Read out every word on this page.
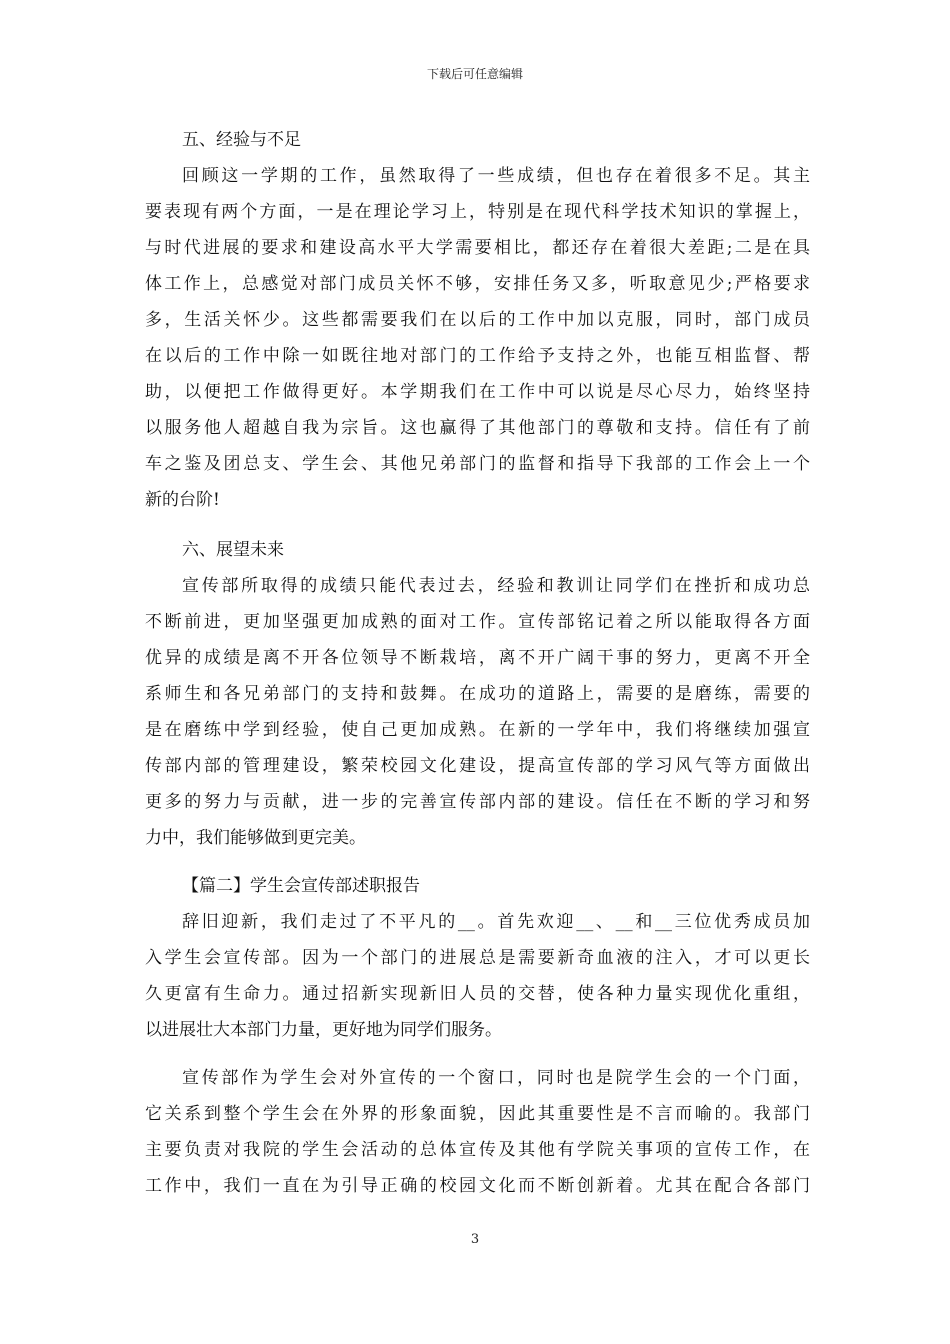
下载后可任意编辑
五、经验与不足
回顾这一学期的工作，虽然取得了一些成绩，但也存在着很多不足。其主
要表现有两个方面，一是在理论学习上，特别是在现代科学技术知识的掌握上，
与时代进展的要求和建设高水平大学需要相比，都还存在着很大差距;二是在具
体工作上，总感觉对部门成员关怀不够，安排任务又多，听取意见少;严格要求
多，生活关怀少。这些都需要我们在以后的工作中加以克服，同时，部门成员
在以后的工作中除一如既往地对部门的工作给予支持之外，也能互相监督、帮
助，以便把工作做得更好。本学期我们在工作中可以说是尽心尽力，始终坚持
以服务他人超越自我为宗旨。这也赢得了其他部门的尊敬和支持。信任有了前
车之鉴及团总支、学生会、其他兄弟部门的监督和指导下我部的工作会上一个
新的台阶!
六、展望未来
宣传部所取得的成绩只能代表过去，经验和教训让同学们在挫折和成功总
不断前进，更加坚强更加成熟的面对工作。宣传部铭记着之所以能取得各方面
优异的成绩是离不开各位领导不断栽培，离不开广阔干事的努力，更离不开全
系师生和各兄弟部门的支持和鼓舞。在成功的道路上，需要的是磨练，需要的
是在磨练中学到经验，使自己更加成熟。在新的一学年中，我们将继续加强宣
传部内部的管理建设，繁荣校园文化建设，提高宣传部的学习风气等方面做出
更多的努力与贡献，进一步的完善宣传部内部的建设。信任在不断的学习和努
力中，我们能够做到更完美。
【篇二】学生会宣传部述职报告
辞旧迎新，我们走过了不平凡的__。首先欢迎__、__和__三位优秀成员加
入学生会宣传部。因为一个部门的进展总是需要新奇血液的注入，才可以更长
久更富有生命力。通过招新实现新旧人员的交替，使各种力量实现优化重组，
以进展壮大本部门力量，更好地为同学们服务。
宣传部作为学生会对外宣传的一个窗口，同时也是院学生会的一个门面，
它关系到整个学生会在外界的形象面貌，因此其重要性是不言而喻的。我部门
主要负责对我院的学生会活动的总体宣传及其他有学院关事项的宣传工作，在
工作中，我们一直在为引导正确的校园文化而不断创新着。尤其在配合各部门
3
